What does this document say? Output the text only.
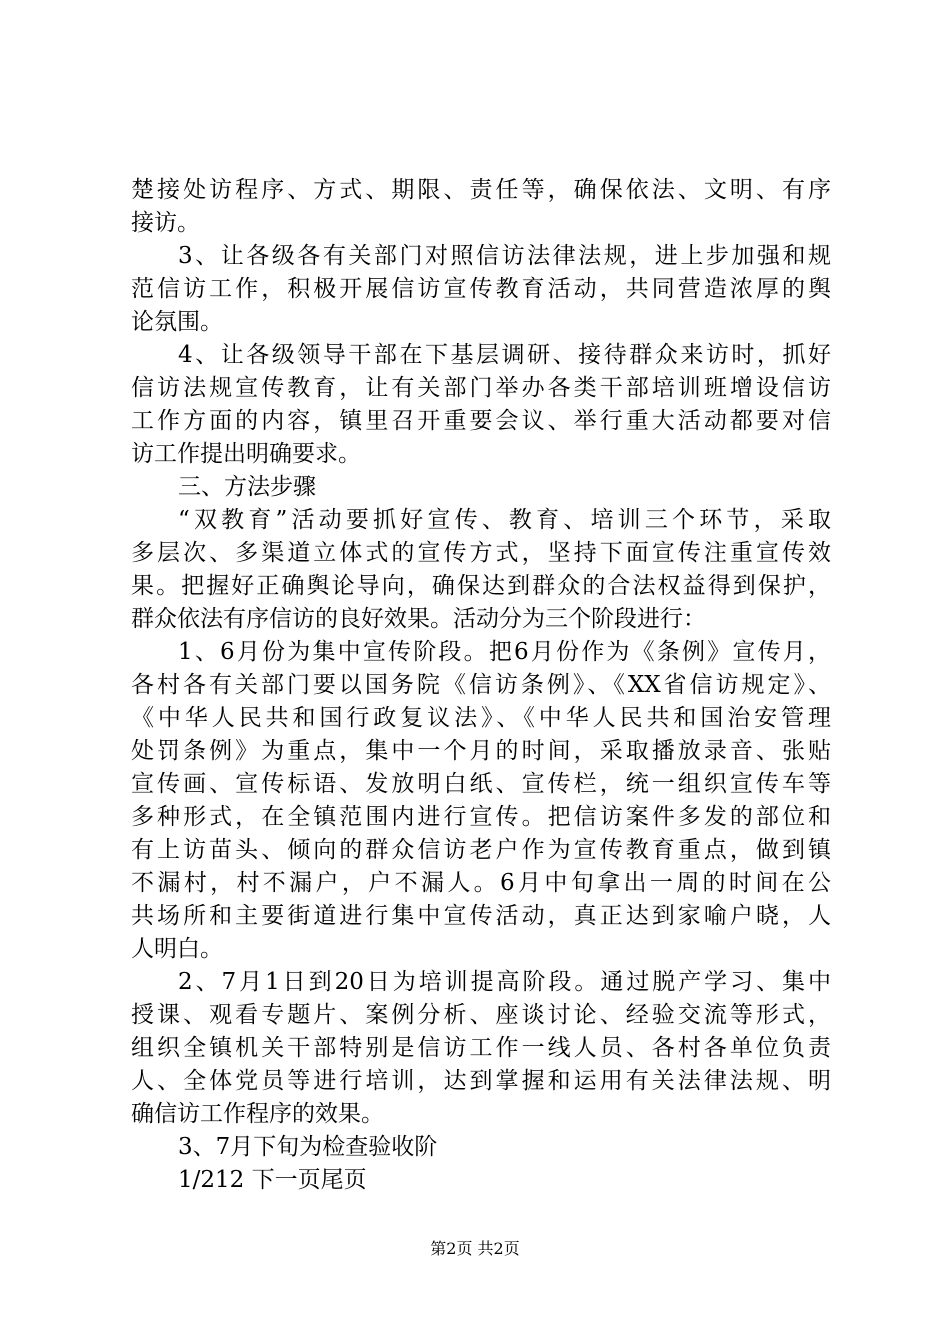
楚接处访程序、方式、期限、责任等，确保依法、文明、有序
接访。
3、让各级各有关部门对照信访法律法规，进上步加强和规
范信访工作，积极开展信访宣传教育活动，共同营造浓厚的舆
论氛围。
4、让各级领导干部在下基层调研、接待群众来访时，抓好
信访法规宣传教育，让有关部门举办各类干部培训班增设信访
工作方面的内容，镇里召开重要会议、举行重大活动都要对信
访工作提出明确要求。
三、方法步骤
“双教育”活动要抓好宣传、教育、培训三个环节，采取
多层次、多渠道立体式的宣传方式，坚持下面宣传注重宣传效
果。把握好正确舆论导向，确保达到群众的合法权益得到保护，
群众依法有序信访的良好效果。活动分为三个阶段进行：
1、6月份为集中宣传阶段。把6月份作为《条例》宣传月，
各村各有关部门要以国务院《信访条例》、《XX省信访规定》、
《中华人民共和国行政复议法》、《中华人民共和国治安管理
处罚条例》为重点，集中一个月的时间，采取播放录音、张贴
宣传画、宣传标语、发放明白纸、宣传栏，统一组织宣传车等
多种形式，在全镇范围内进行宣传。把信访案件多发的部位和
有上访苗头、倾向的群众信访老户作为宣传教育重点，做到镇
不漏村，村不漏户，户不漏人。6月中旬拿出一周的时间在公
共场所和主要街道进行集中宣传活动，真正达到家喻户晓，人
人明白。
2、7月1日到20日为培训提高阶段。通过脱产学习、集中
授课、观看专题片、案例分析、座谈讨论、经验交流等形式，
组织全镇机关干部特别是信访工作一线人员、各村各单位负责
人、全体党员等进行培训，达到掌握和运用有关法律法规、明
确信访工作程序的效果。
3、7月下旬为检查验收阶
1/212 下一页尾页
第2页 共2页
